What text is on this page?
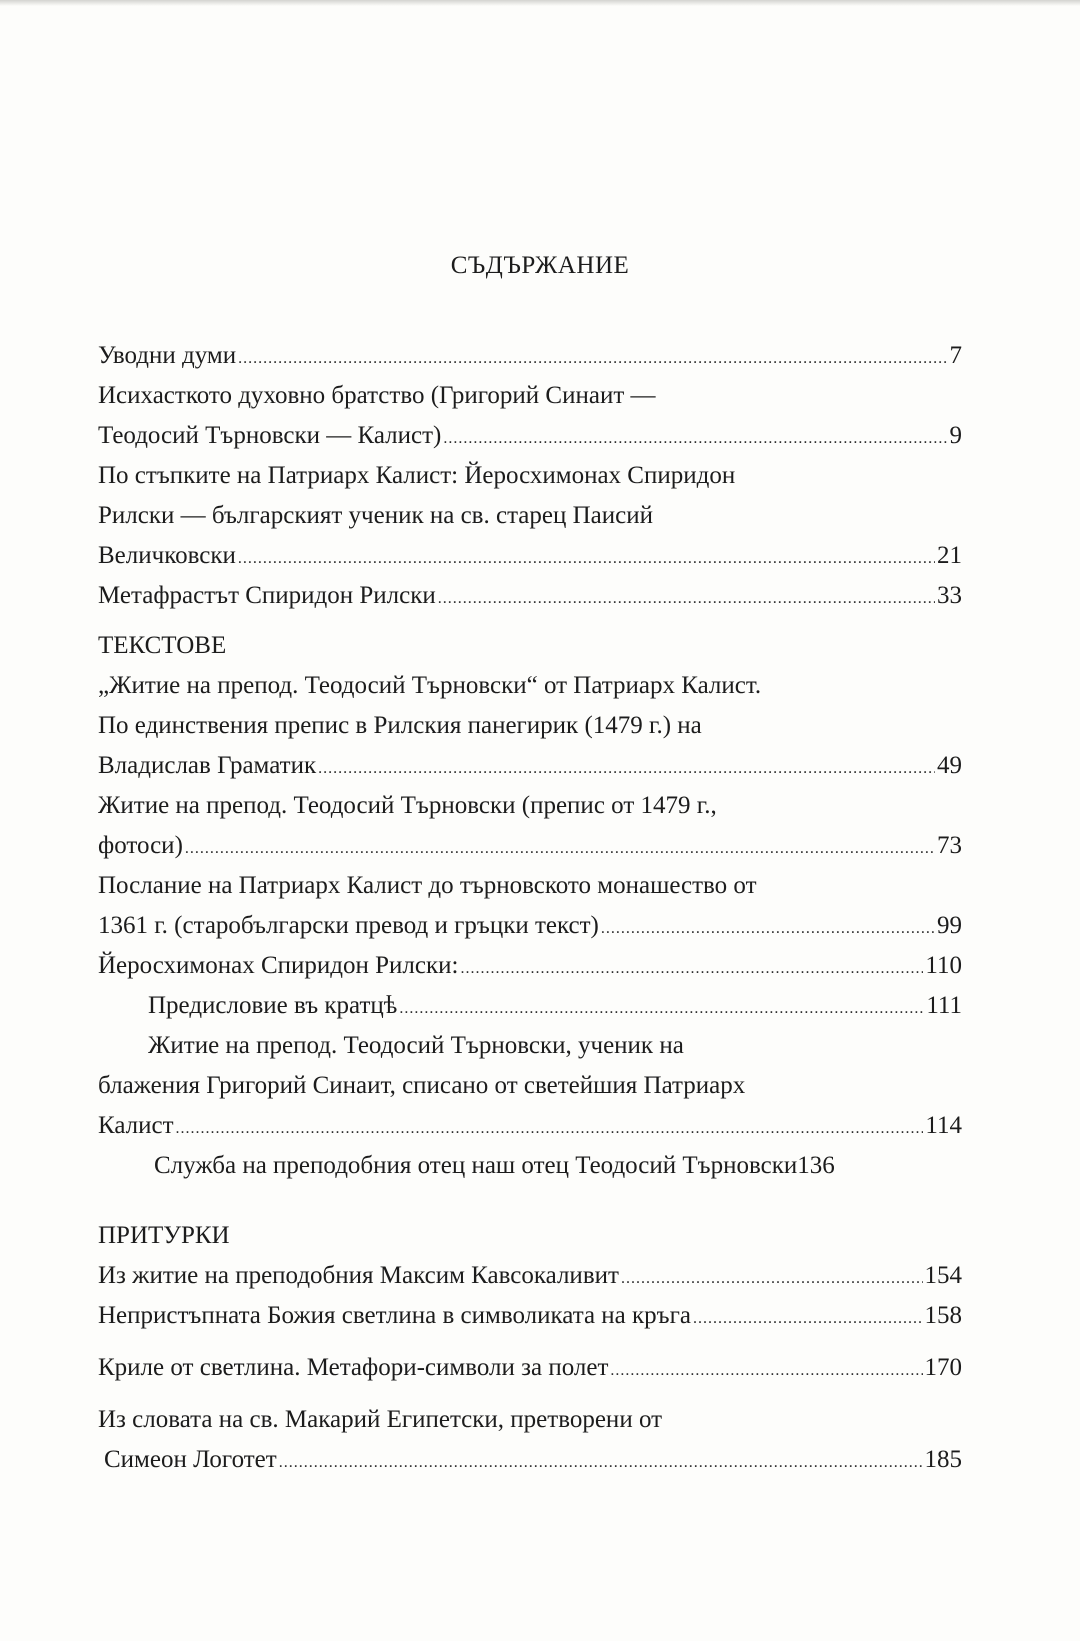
СЪДЪРЖАНИЕ
Уводни думи .....	7
Исихасткото духовно братство (Григорий Синаит —
Теодосий Търновски — Калист) .....	9
По стъпките на Патриарх Калист: Йеросхимонах Спиридон
Рилски — българският ученик на св. старец Паисий
Величковски .....	21
Метафрастът Спиридон Рилски .....	33
ТЕКСТОВЕ
„Житие на препод. Теодосий Търновски“ от Патриарх Калист.
По единствения препис в Рилския панегирик (1479 г.) на
Владислав Граматик .....	49
Житие на препод. Теодосий Търновски (препис от 1479 г.,
фотоси) .....	73
Послание на Патриарх Калист до търновското монашество от
1361 г. (старобългарски превод и гръцки текст) .....	99
Йеросхимонах Спиридон Рилски: .....	110
Предисловие въ кратцѣ .....	111
Житие на препод. Теодосий Търновски, ученик на
блажения Григорий Синаит, списано от светейшия Патриарх
Калист .....	114
Служба на преподобния отец наш отец Теодосий Търновски 136
ПРИТУРКИ
Из житие на преподобния Максим Кавсокаливит .....	154
Непристъпната Божия светлина в символиката на кръга .....	158
Криле от светлина. Метафори-символи за полет .....	170
Из словата на св. Макарий Египетски, претворени от
Симеон Логотет .....	185
